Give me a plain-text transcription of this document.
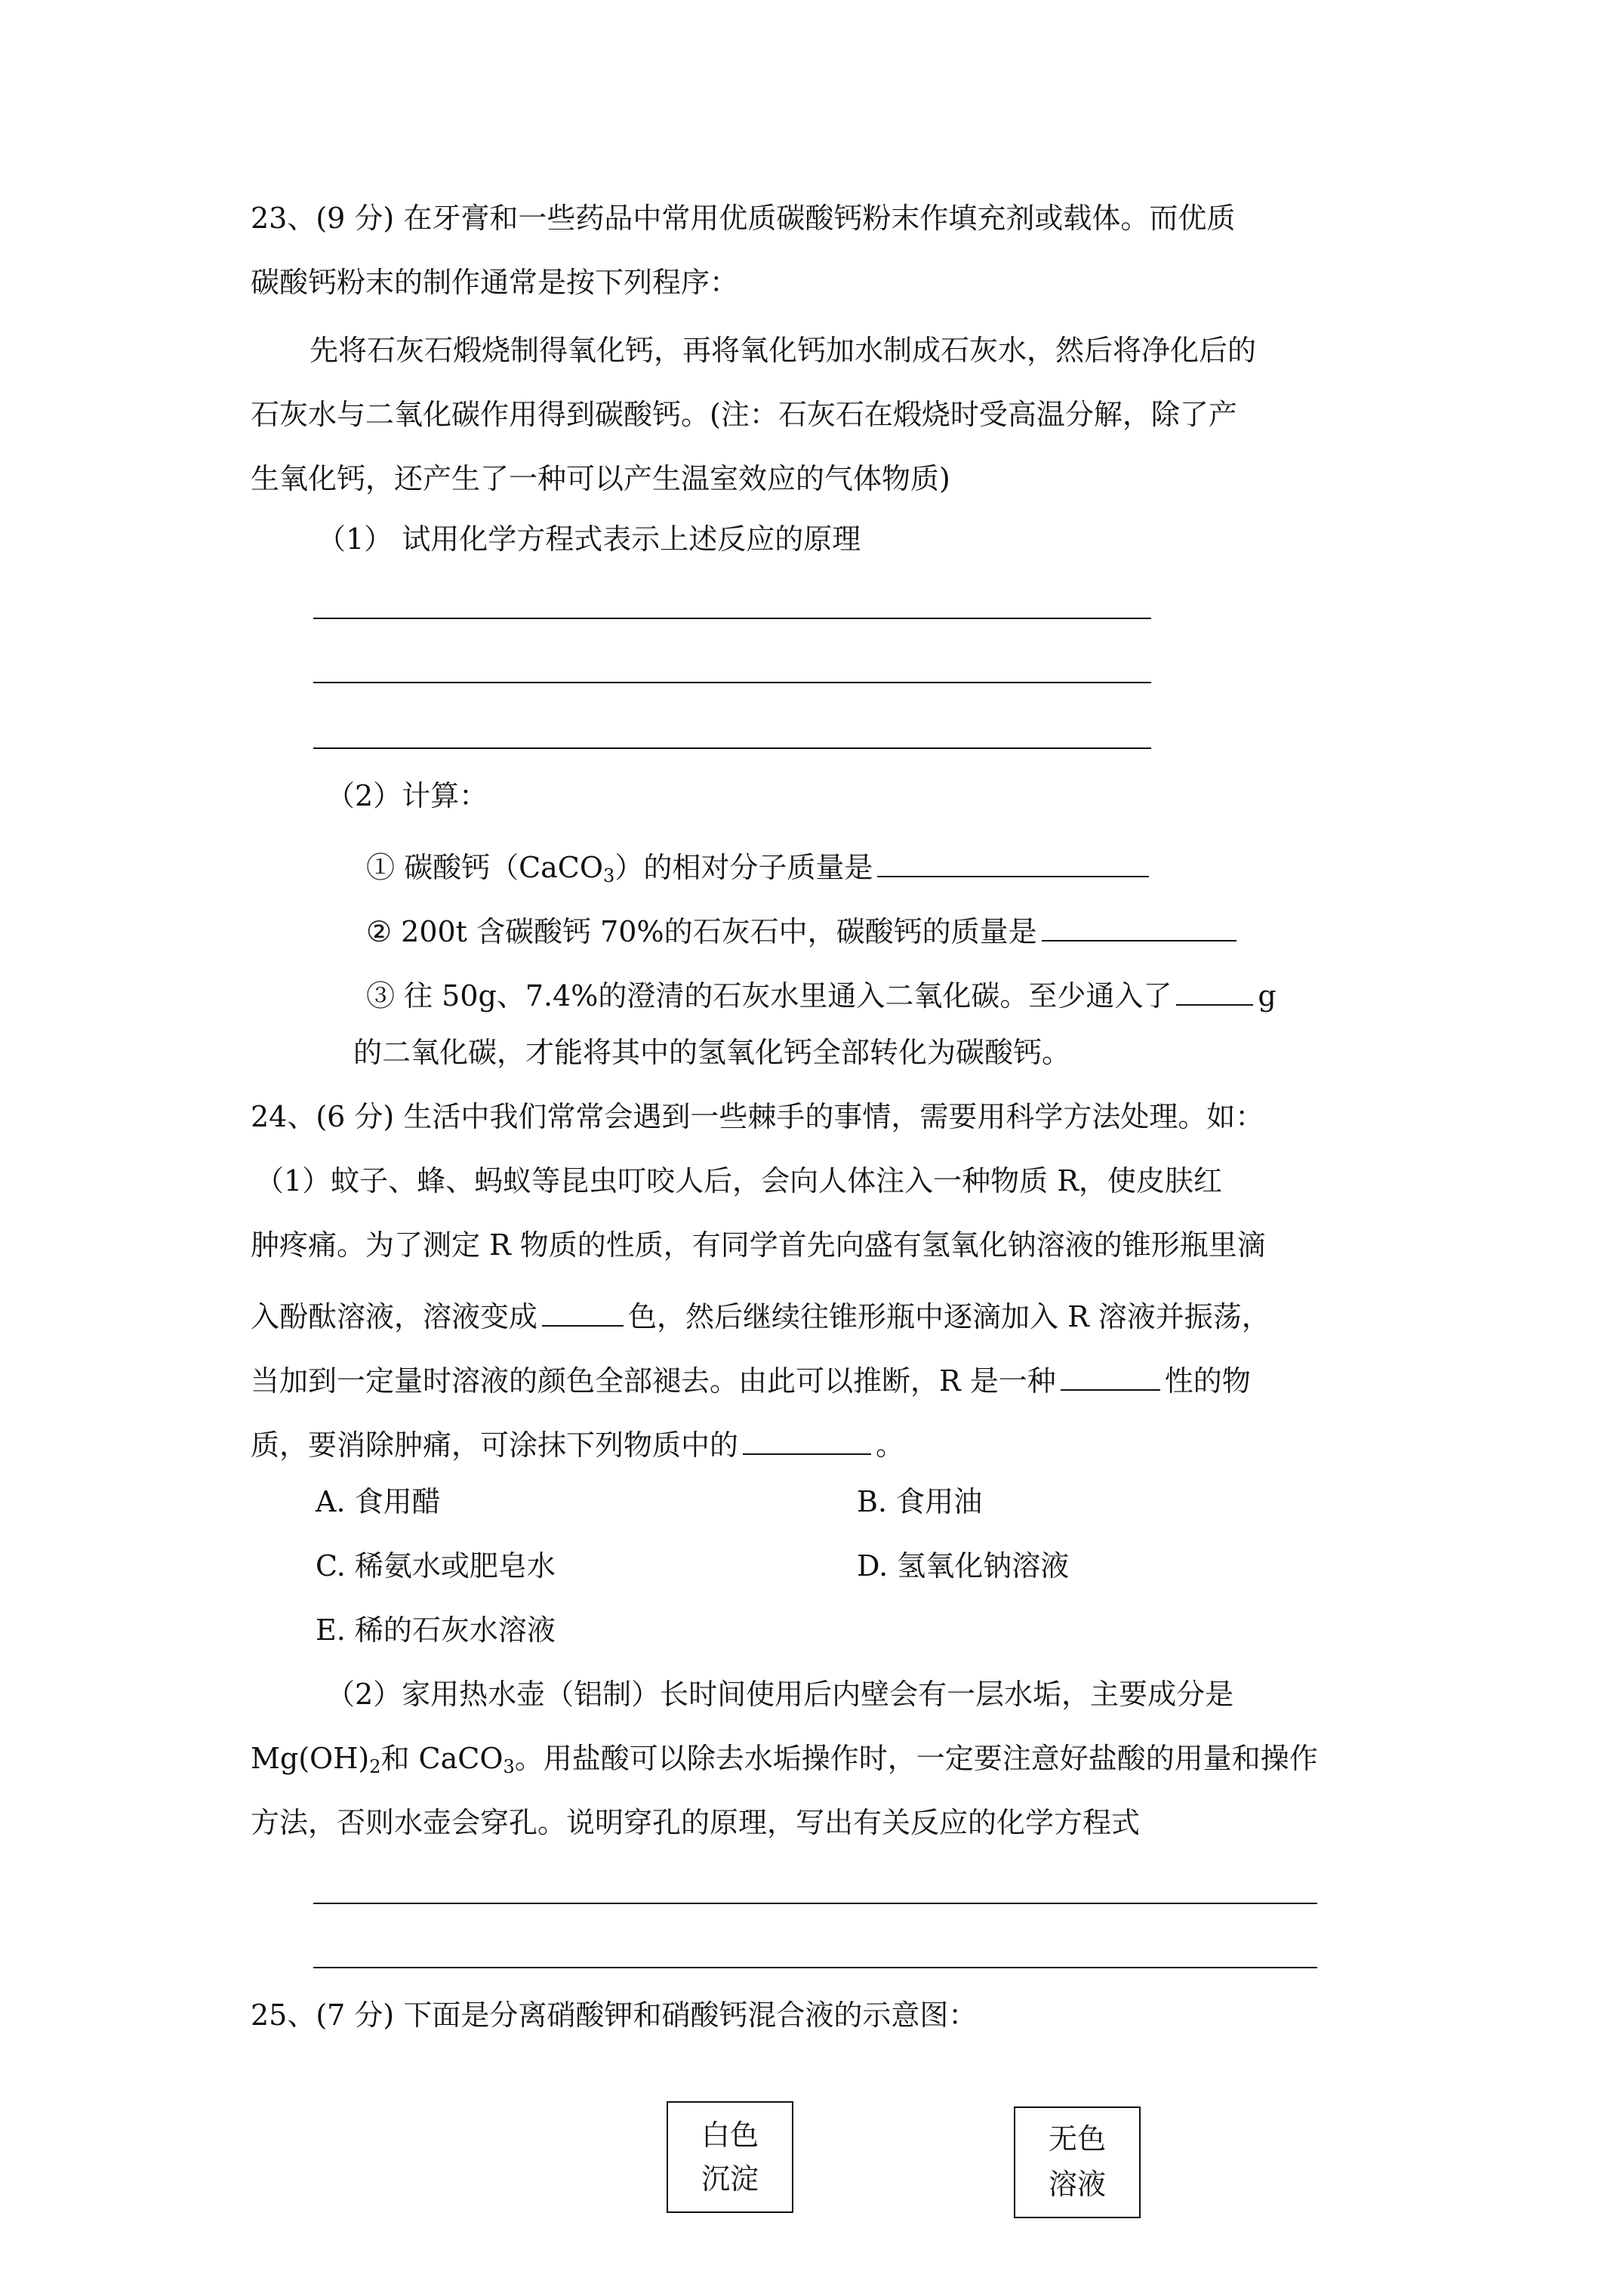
23、(9 分) 在牙膏和一些药品中常用优质碳酸钙粉末作填充剂或载体。而优质
碳酸钙粉末的制作通常是按下列程序：
先将石灰石煅烧制得氧化钙，再将氧化钙加水制成石灰水，然后将净化后的
石灰水与二氧化碳作用得到碳酸钙。(注：石灰石在煅烧时受高温分解，除了产
生氧化钙，还产生了一种可以产生温室效应的气体物质)
（1） 试用化学方程式表示上述反应的原理
（2）计算：
① 碳酸钙（CaCO$_3$）的相对分子质量是
② 200t 含碳酸钙 70%的石灰石中，碳酸钙的质量是
③ 往 50g、7.4%的澄清的石灰水里通入二氧化碳。至少通入了	g
的二氧化碳，才能将其中的氢氧化钙全部转化为碳酸钙。
24、(6 分) 生活中我们常常会遇到一些棘手的事情，需要用科学方法处理。如：
（1）蚊子、蜂、蚂蚁等昆虫叮咬人后，会向人体注入一种物质 R，使皮肤红
肿疼痛。为了测定 R 物质的性质，有同学首先向盛有氢氧化钠溶液的锥形瓶里滴
入酚酞溶液，溶液变成	色，然后继续往锥形瓶中逐滴加入 R 溶液并振荡，
当加到一定量时溶液的颜色全部褪去。由此可以推断，R 是一种	性的物
质，要消除肿痛，可涂抹下列物质中的	。
A. 食用醋	B. 食用油
C. 稀氨水或肥皂水	D. 氢氧化钠溶液
E. 稀的石灰水溶液
（2）家用热水壶（铝制）长时间使用后内壁会有一层水垢，主要成分是
$Mg(OH)_2$和 CaCO$_3$。用盐酸可以除去水垢操作时，一定要注意好盐酸的用量和操作
方法，否则水壶会穿孔。说明穿孔的原理，写出有关反应的化学方程式
25、(7 分) 下面是分离硝酸钾和硝酸钙混合液的示意图：
白色
沉淀
无色
溶液
